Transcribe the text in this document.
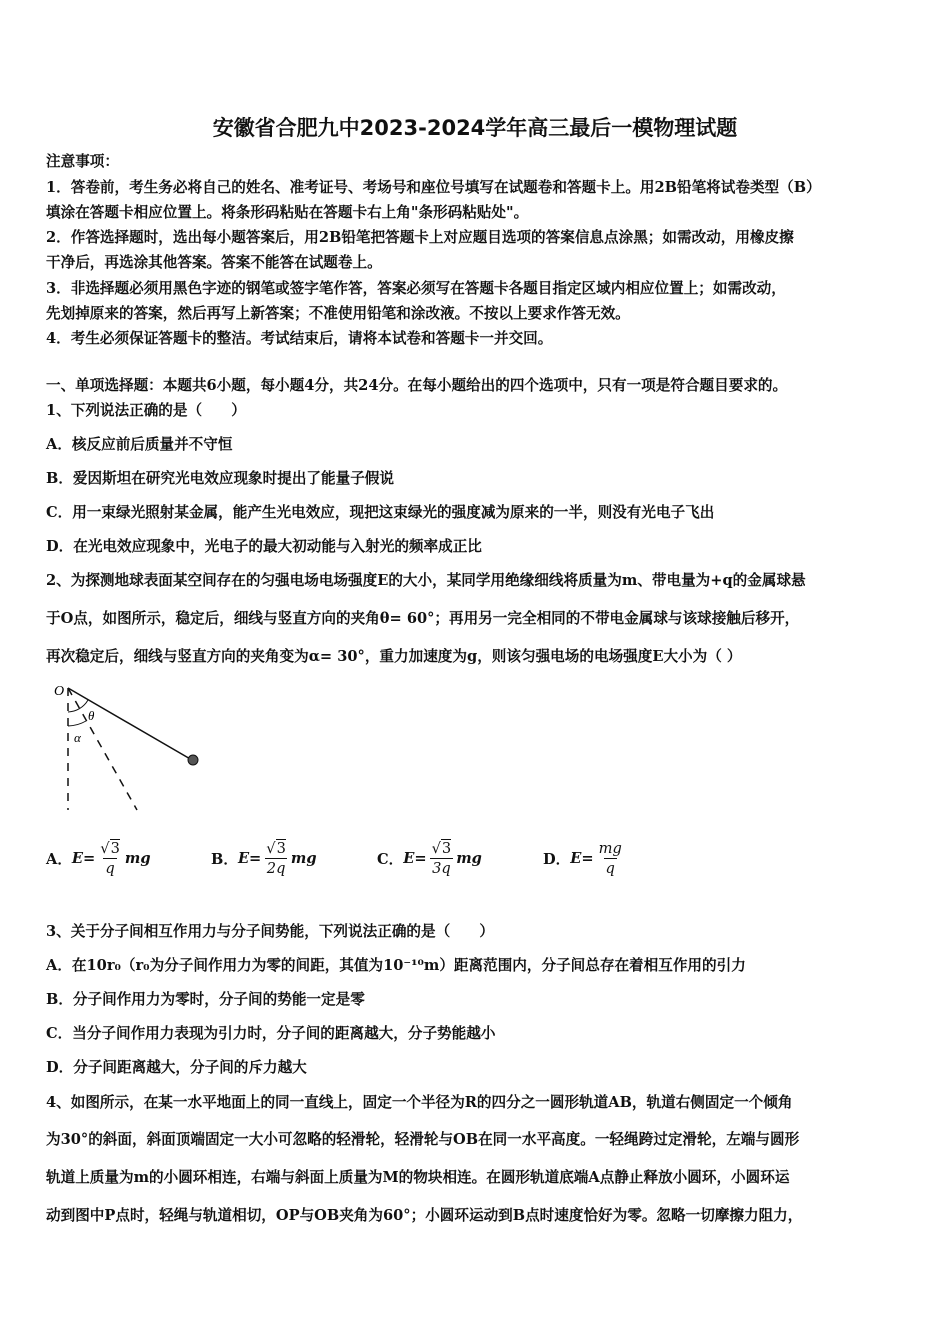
安徽省合肥九中2023-2024学年高三最后一模物理试题
注意事项：
1．答卷前，考生务必将自己的姓名、准考证号、考场号和座位号填写在试题卷和答题卡上。用2B铅笔将试卷类型（B）
填涂在答题卡相应位置上。将条形码粘贴在答题卡右上角"条形码粘贴处"。
2．作答选择题时，选出每小题答案后，用2B铅笔把答题卡上对应题目选项的答案信息点涂黑；如需改动，用橡皮擦
干净后，再选涂其他答案。答案不能答在试题卷上。
3．非选择题必须用黑色字迹的钢笔或签字笔作答，答案必须写在答题卡各题目指定区域内相应位置上；如需改动，
先划掉原来的答案，然后再写上新答案；不准使用铅笔和涂改液。不按以上要求作答无效。
4．考生必须保证答题卡的整洁。考试结束后，请将本试卷和答题卡一并交回。
一、单项选择题：本题共6小题，每小题4分，共24分。在每小题给出的四个选项中，只有一项是符合题目要求的。
1、下列说法正确的是（　　）
A．核反应前后质量并不守恒
B．爱因斯坦在研究光电效应现象时提出了能量子假说
C．用一束绿光照射某金属，能产生光电效应，现把这束绿光的强度减为原来的一半，则没有光电子飞出
D．在光电效应现象中，光电子的最大初动能与入射光的频率成正比
2、为探测地球表面某空间存在的匀强电场电场强度E的大小，某同学用绝缘细线将质量为m、带电量为+q的金属球悬
于O点，如图所示，稳定后，细线与竖直方向的夹角θ= 60°；再用另一完全相同的不带电金属球与该球接触后移开，
再次稳定后，细线与竖直方向的夹角变为α= 30°，重力加速度为g，则该匀强电场的电场强度E大小为（ ）
O
θ
α
A． $E= \frac{√3}{q}$ mg	B． $E= \frac{√3}{2q}$ mg	C． $E= \frac{√3}{3q}$ mg	D． $E= \frac{mg}{q}$
3、关于分子间相互作用力与分子间势能，下列说法正确的是（　　）
A．在10r₀（r₀为分子间作用力为零的间距，其值为10⁻¹⁰m）距离范围内，分子间总存在着相互作用的引力
B．分子间作用力为零时，分子间的势能一定是零
C．当分子间作用力表现为引力时，分子间的距离越大，分子势能越小
D．分子间距离越大，分子间的斥力越大
4、如图所示，在某一水平地面上的同一直线上，固定一个半径为R的四分之一圆形轨道AB，轨道右侧固定一个倾角
为30°的斜面，斜面顶端固定一大小可忽略的轻滑轮，轻滑轮与OB在同一水平高度。一轻绳跨过定滑轮，左端与圆形
轨道上质量为m的小圆环相连，右端与斜面上质量为M的物块相连。在圆形轨道底端A点静止释放小圆环，小圆环运
动到图中P点时，轻绳与轨道相切，OP与OB夹角为60°；小圆环运动到B点时速度恰好为零。忽略一切摩擦力阻力，
